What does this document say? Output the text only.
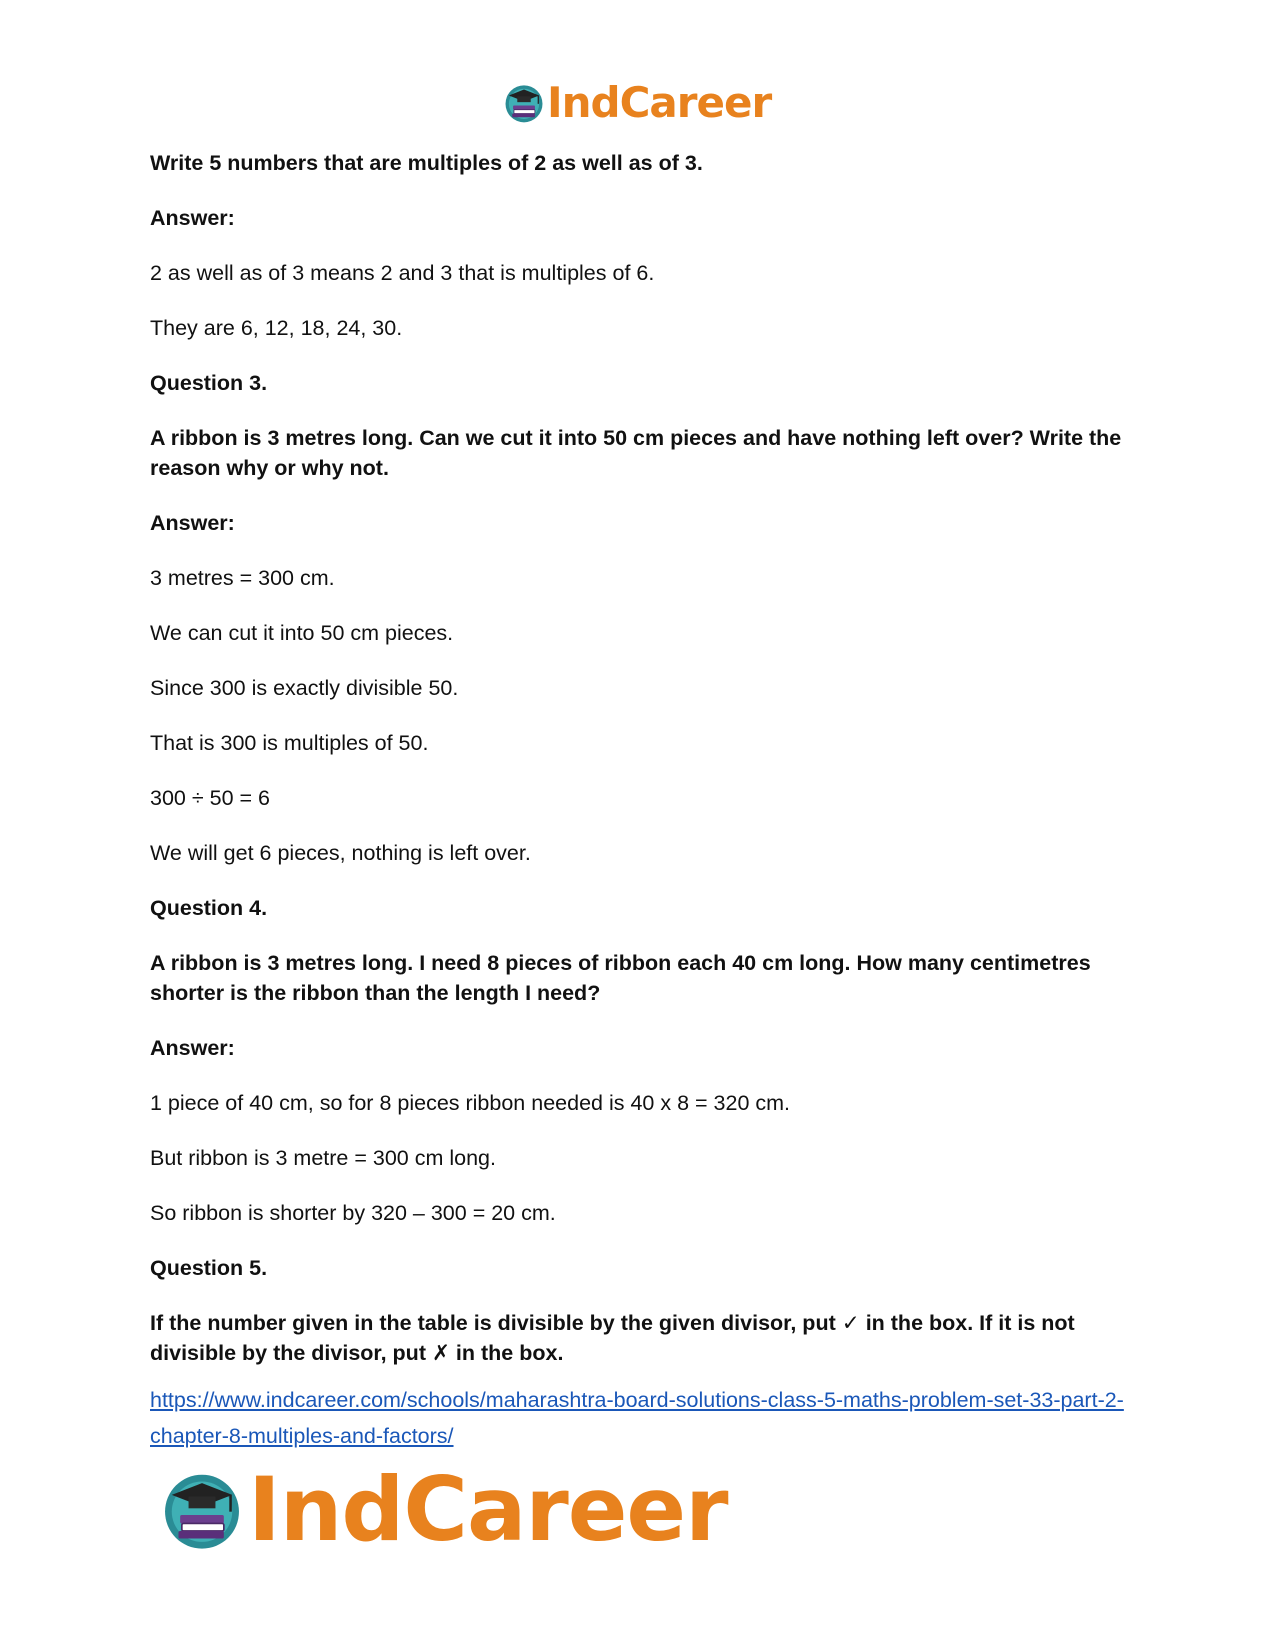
IndCareer

Write 5 numbers that are multiples of 2 as well as of 3.

Answer:

2 as well as of 3 means 2 and 3 that is multiples of 6.

They are 6, 12, 18, 24, 30.

Question 3.

A ribbon is 3 metres long. Can we cut it into 50 cm pieces and have nothing left over? Write the reason why or why not.

Answer:

3 metres = 300 cm.

We can cut it into 50 cm pieces.

Since 300 is exactly divisible 50.

That is 300 is multiples of 50.

300 ÷ 50 = 6

We will get 6 pieces, nothing is left over.

Question 4.

A ribbon is 3 metres long. I need 8 pieces of ribbon each 40 cm long. How many centimetres shorter is the ribbon than the length I need?

Answer:

1 piece of 40 cm, so for 8 pieces ribbon needed is 40 x 8 = 320 cm.

But ribbon is 3 metre = 300 cm long.

So ribbon is shorter by 320 – 300 = 20 cm.

Question 5.

If the number given in the table is divisible by the given divisor, put ✓ in the box. If it is not divisible by the divisor, put ✗ in the box.

https://www.indcareer.com/schools/maharashtra-board-solutions-class-5-maths-problem-set-33-part-2-chapter-8-multiples-and-factors/
IndCareer
